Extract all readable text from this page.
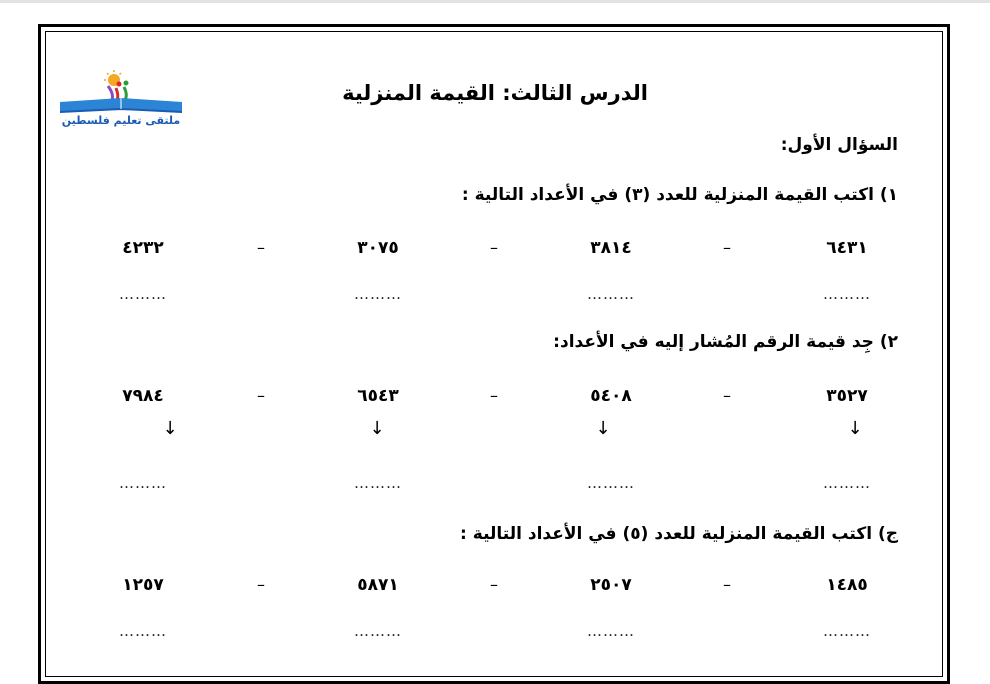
ملتقى تعليم فلسطين
الدرس الثالث: القيمة المنزلية
السؤال الأول:
١) اكتب القيمة المنزلية للعدد (٣) في الأعداد التالية :
٦٤٣١
–
٣٨١٤
–
٣٠٧٥
–
٤٢٣٢
………
………
………
………
٢) جِد قيمة الرقم المُشار إليه في الأعداد:
٣٥٢٧
–
٥٤٠٨
–
٦٥٤٣
–
٧٩٨٤
↓
↓
↓
↓
………
………
………
………
ج) اكتب القيمة المنزلية للعدد (٥) في الأعداد التالية :
١٤٨٥
–
٢٥٠٧
–
٥٨٧١
–
١٢٥٧
………
………
………
………
